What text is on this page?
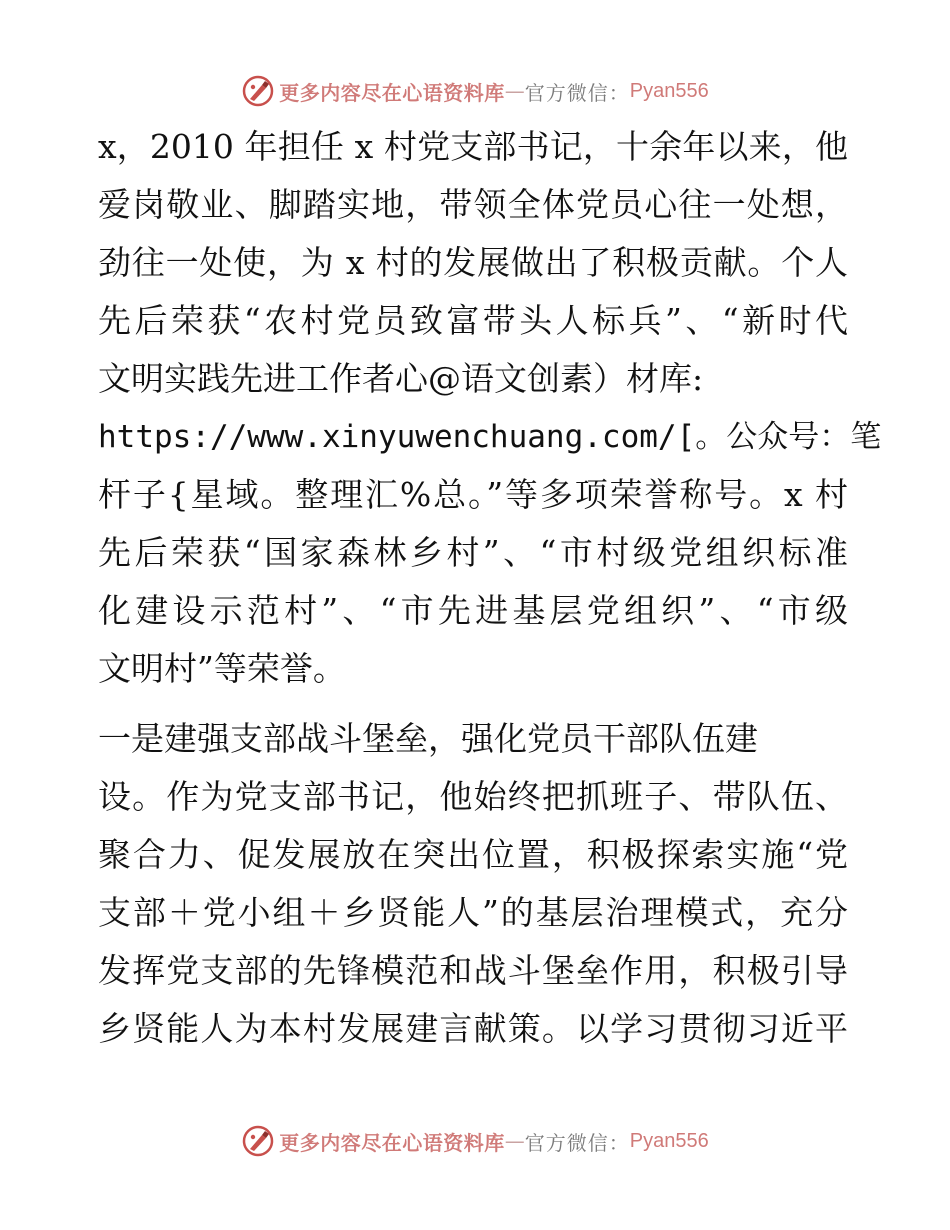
更多内容尽在心语资料库 — 官方微信： Pyan556
x，2010 年担任 x 村党支部书记，十余年以来，他
爱岗敬业、脚踏实地，带领全体党员心往一处想，
劲往一处使，为 x 村的发展做出了积极贡献。个人
先后荣获“农村党员致富带头人标兵”、“新时代
文明实践先进工作者心@语文创素）材库:
https://www.xinyuwenchuang.com/[。公众号：笔
杆子{星域。整理汇%总。”等多项荣誉称号。x 村
先后荣获“国家森林乡村”、“市村级党组织标准
化建设示范村”、“市先进基层党组织”、“市级
文明村”等荣誉。
一是建强支部战斗堡垒，强化党员干部队伍建
设。作为党支部书记，他始终把抓班子、带队伍、
聚合力、促发展放在突出位置，积极探索实施“党
支部＋党小组＋乡贤能人”的基层治理模式，充分
发挥党支部的先锋模范和战斗堡垒作用，积极引导
乡贤能人为本村发展建言献策。以学习贯彻习近平
更多内容尽在心语资料库 — 官方微信： Pyan556
